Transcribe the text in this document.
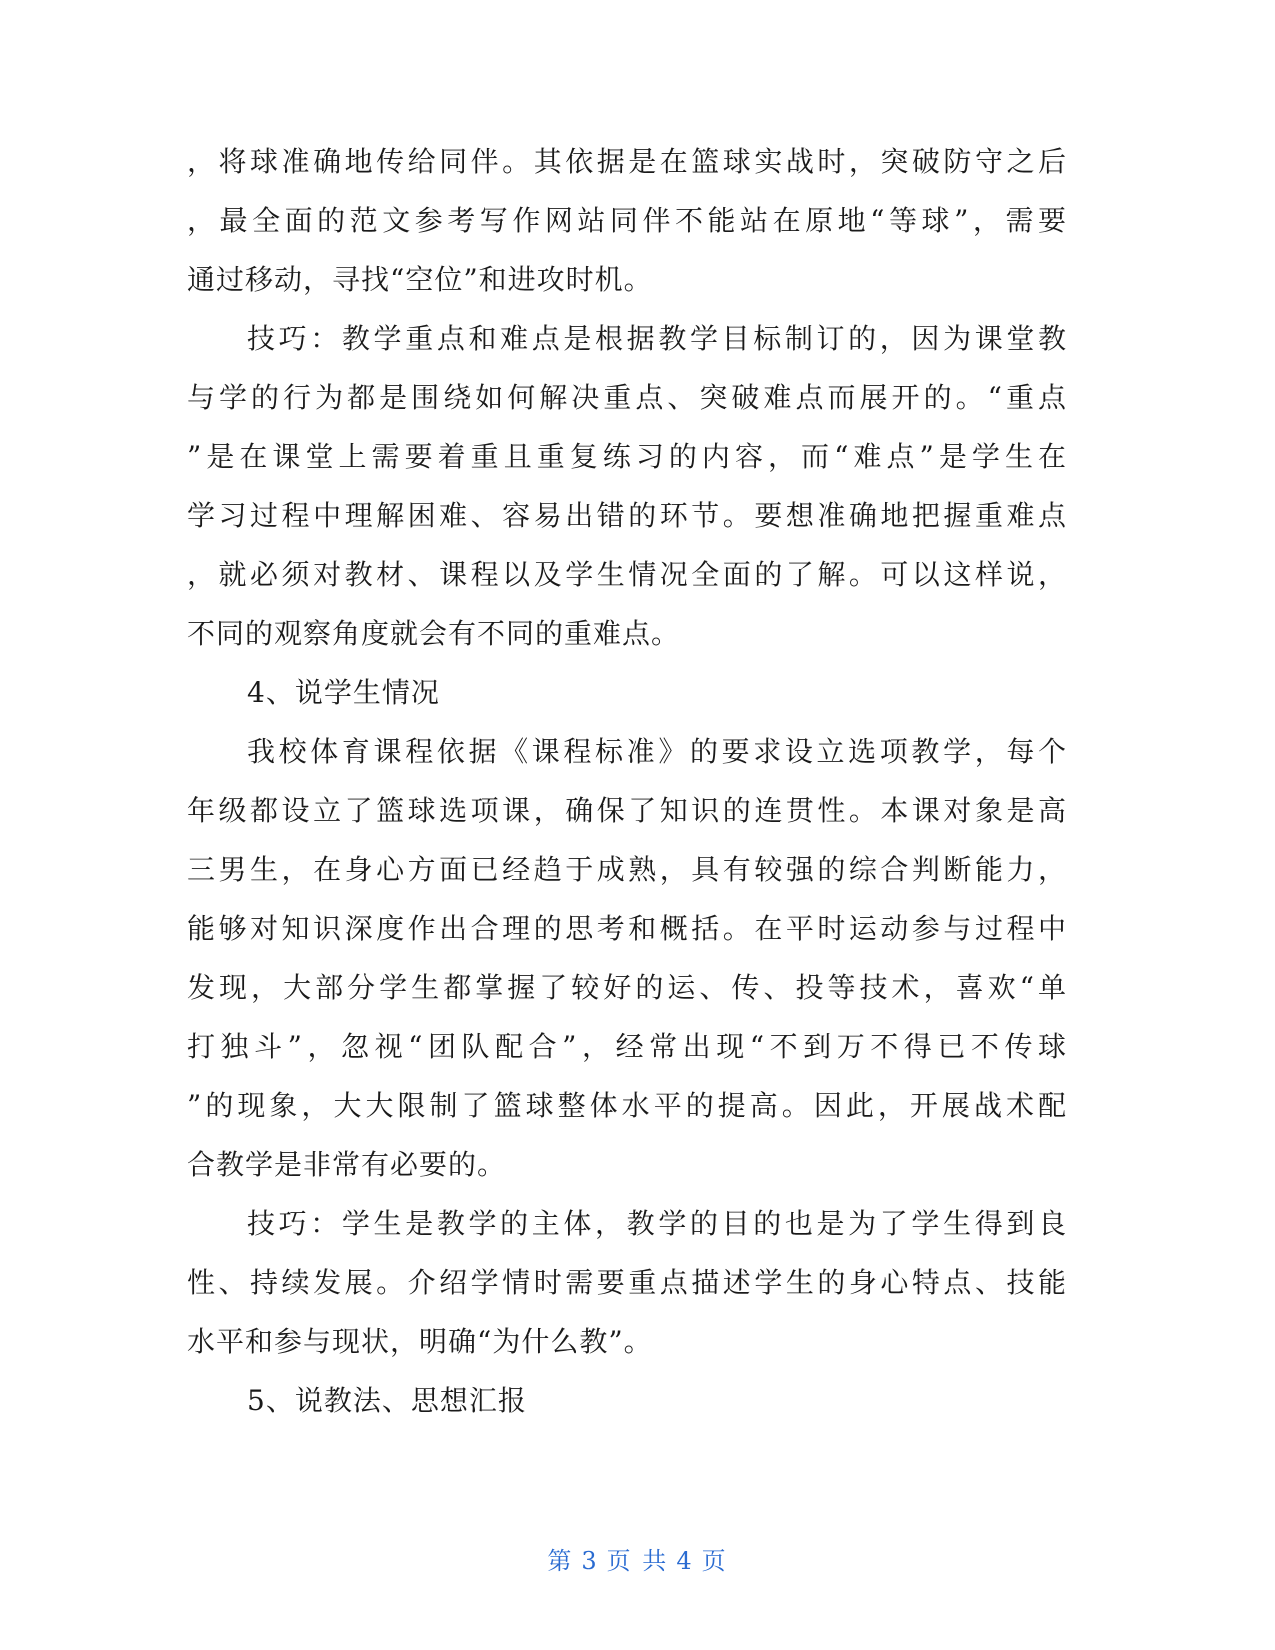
，将球准确地传给同伴。其依据是在篮球实战时，突破防守之后
，最全面的范文参考写作网站同伴不能站在原地“等球”，需要
通过移动，寻找“空位”和进攻时机。
技巧：教学重点和难点是根据教学目标制订的，因为课堂教
与学的行为都是围绕如何解决重点、突破难点而展开的。“重点
”是在课堂上需要着重且重复练习的内容，而“难点”是学生在
学习过程中理解困难、容易出错的环节。要想准确地把握重难点
，就必须对教材、课程以及学生情况全面的了解。可以这样说，
不同的观察角度就会有不同的重难点。
4、说学生情况
我校体育课程依据《课程标准》的要求设立选项教学，每个
年级都设立了篮球选项课，确保了知识的连贯性。本课对象是高
三男生，在身心方面已经趋于成熟，具有较强的综合判断能力，
能够对知识深度作出合理的思考和概括。在平时运动参与过程中
发现，大部分学生都掌握了较好的运、传、投等技术，喜欢“单
打独斗”，忽视“团队配合”，经常出现“不到万不得已不传球
”的现象，大大限制了篮球整体水平的提高。因此，开展战术配
合教学是非常有必要的。
技巧：学生是教学的主体，教学的目的也是为了学生得到良
性、持续发展。介绍学情时需要重点描述学生的身心特点、技能
水平和参与现状，明确“为什么教”。
5、说教法、思想汇报
第 3 页 共 4 页
